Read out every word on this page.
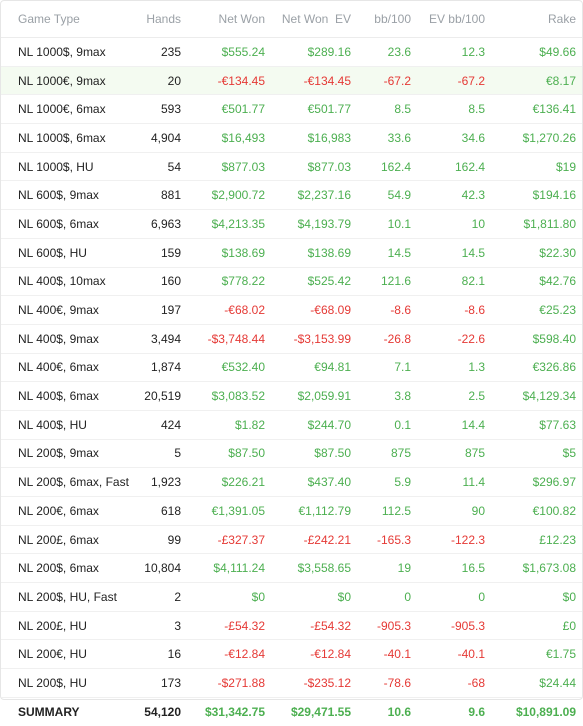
Game Type	Hands	Net Won	Net Won  EV	bb/100	EV bb/100	Rake
NL 1000$, 9max	235	$555.24	$289.16	23.6	12.3	$49.66
NL 1000€, 9max	20	-€134.45	-€134.45	-67.2	-67.2	€8.17
NL 1000€, 6max	593	€501.77	€501.77	8.5	8.5	€136.41
NL 1000$, 6max	4,904	$16,493	$16,983	33.6	34.6	$1,270.26
NL 1000$, HU	54	$877.03	$877.03	162.4	162.4	$19
NL 600$, 9max	881	$2,900.72	$2,237.16	54.9	42.3	$194.16
NL 600$, 6max	6,963	$4,213.35	$4,193.79	10.1	10	$1,811.80
NL 600$, HU	159	$138.69	$138.69	14.5	14.5	$22.30
NL 400$, 10max	160	$778.22	$525.42	121.6	82.1	$42.76
NL 400€, 9max	197	-€68.02	-€68.09	-8.6	-8.6	€25.23
NL 400$, 9max	3,494	-$3,748.44	-$3,153.99	-26.8	-22.6	$598.40
NL 400€, 6max	1,874	€532.40	€94.81	7.1	1.3	€326.86
NL 400$, 6max	20,519	$3,083.52	$2,059.91	3.8	2.5	$4,129.34
NL 400$, HU	424	$1.82	$244.70	0.1	14.4	$77.63
NL 200$, 9max	5	$87.50	$87.50	875	875	$5
NL 200$, 6max, Fast	1,923	$226.21	$437.40	5.9	11.4	$296.97
NL 200€, 6max	618	€1,391.05	€1,112.79	112.5	90	€100.82
NL 200£, 6max	99	-£327.37	-£242.21	-165.3	-122.3	£12.23
NL 200$, 6max	10,804	$4,111.24	$3,558.65	19	16.5	$1,673.08
NL 200$, HU, Fast	2	$0	$0	0	0	$0
NL 200£, HU	3	-£54.32	-£54.32	-905.3	-905.3	£0
NL 200€, HU	16	-€12.84	-€12.84	-40.1	-40.1	€1.75
NL 200$, HU	173	-$271.88	-$235.12	-78.6	-68	$24.44
SUMMARY	54,120	$31,342.75	$29,471.55	10.6	9.6	$10,891.09
